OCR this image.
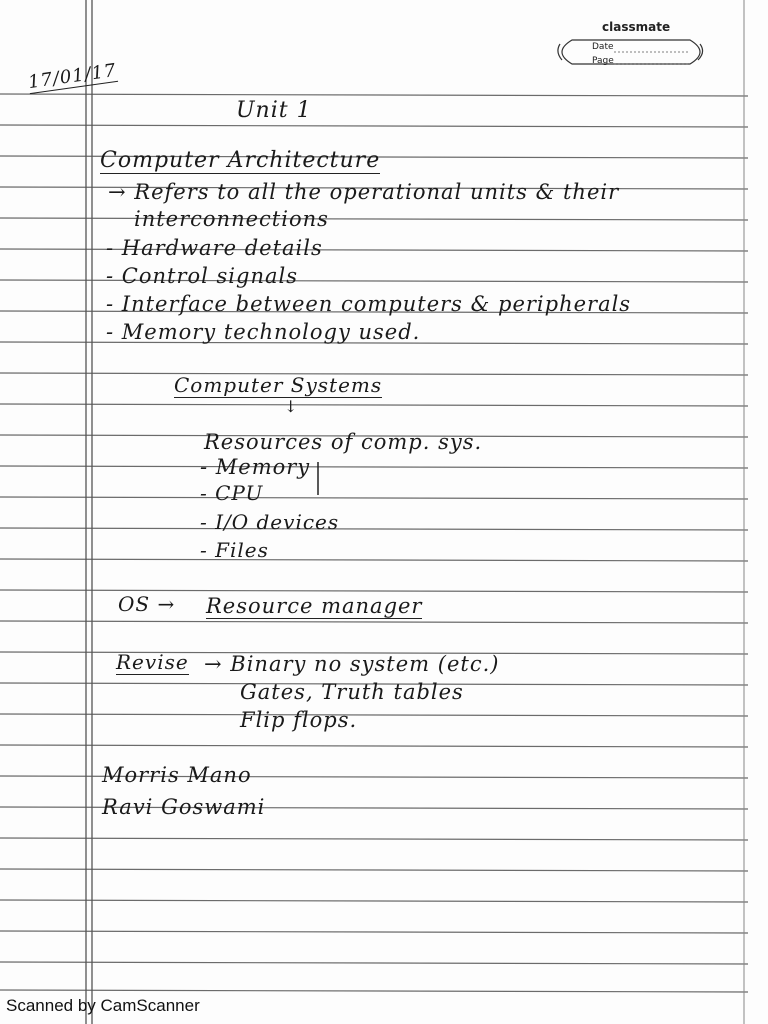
classmate
Date
Page
17/01/17
Unit 1
Computer Architecture
→ Refers to all the operational units & their
interconnections
- Hardware details
- Control signals
- Interface between computers & peripherals
- Memory technology used.
Computer Systems
↓
Resources of comp. sys.
- Memory
- CPU
- I/O devices
- Files
OS → Resource manager
Revise → Binary no system (etc.)
Gates, Truth tables
Flip flops.
Morris Mano
Ravi Goswami
Scanned by CamScanner
